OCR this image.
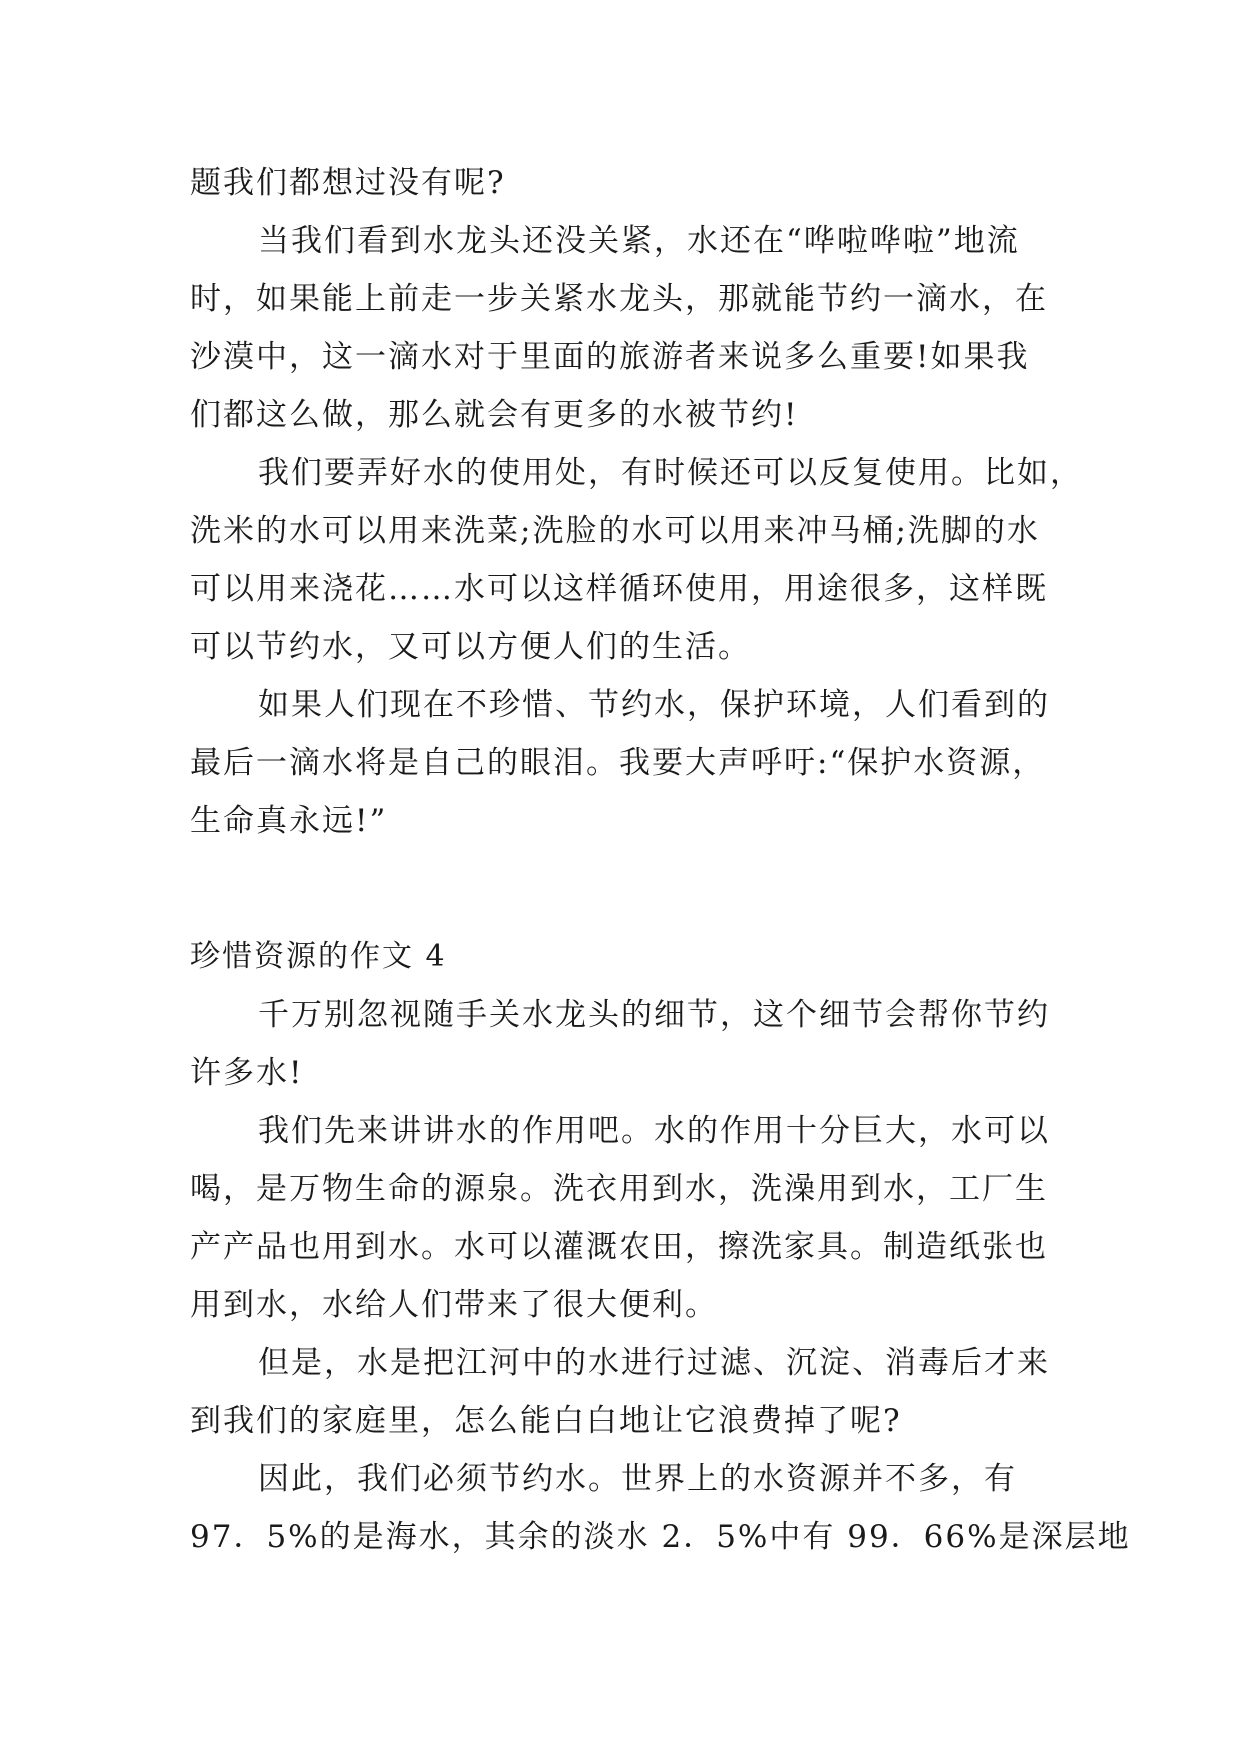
题我们都想过没有呢?
当我们看到水龙头还没关紧，水还在“哗啦哗啦”地流
时，如果能上前走一步关紧水龙头，那就能节约一滴水，在
沙漠中，这一滴水对于里面的旅游者来说多么重要!如果我
们都这么做，那么就会有更多的水被节约!
我们要弄好水的使用处，有时候还可以反复使用。比如，
洗米的水可以用来洗菜;洗脸的水可以用来冲马桶;洗脚的水
可以用来浇花……水可以这样循环使用，用途很多，这样既
可以节约水，又可以方便人们的生活。
如果人们现在不珍惜、节约水，保护环境，人们看到的
最后一滴水将是自己的眼泪。我要大声呼吁:“保护水资源，
生命真永远!”
珍惜资源的作文 4
千万别忽视随手关水龙头的细节，这个细节会帮你节约
许多水!
我们先来讲讲水的作用吧。水的作用十分巨大，水可以
喝，是万物生命的源泉。洗衣用到水，洗澡用到水，工厂生
产产品也用到水。水可以灌溉农田，擦洗家具。制造纸张也
用到水，水给人们带来了很大便利。
但是，水是把江河中的水进行过滤、沉淀、消毒后才来
到我们的家庭里，怎么能白白地让它浪费掉了呢?
因此，我们必须节约水。世界上的水资源并不多，有
97．5%的是海水，其余的淡水 2．5%中有 99．66%是深层地
